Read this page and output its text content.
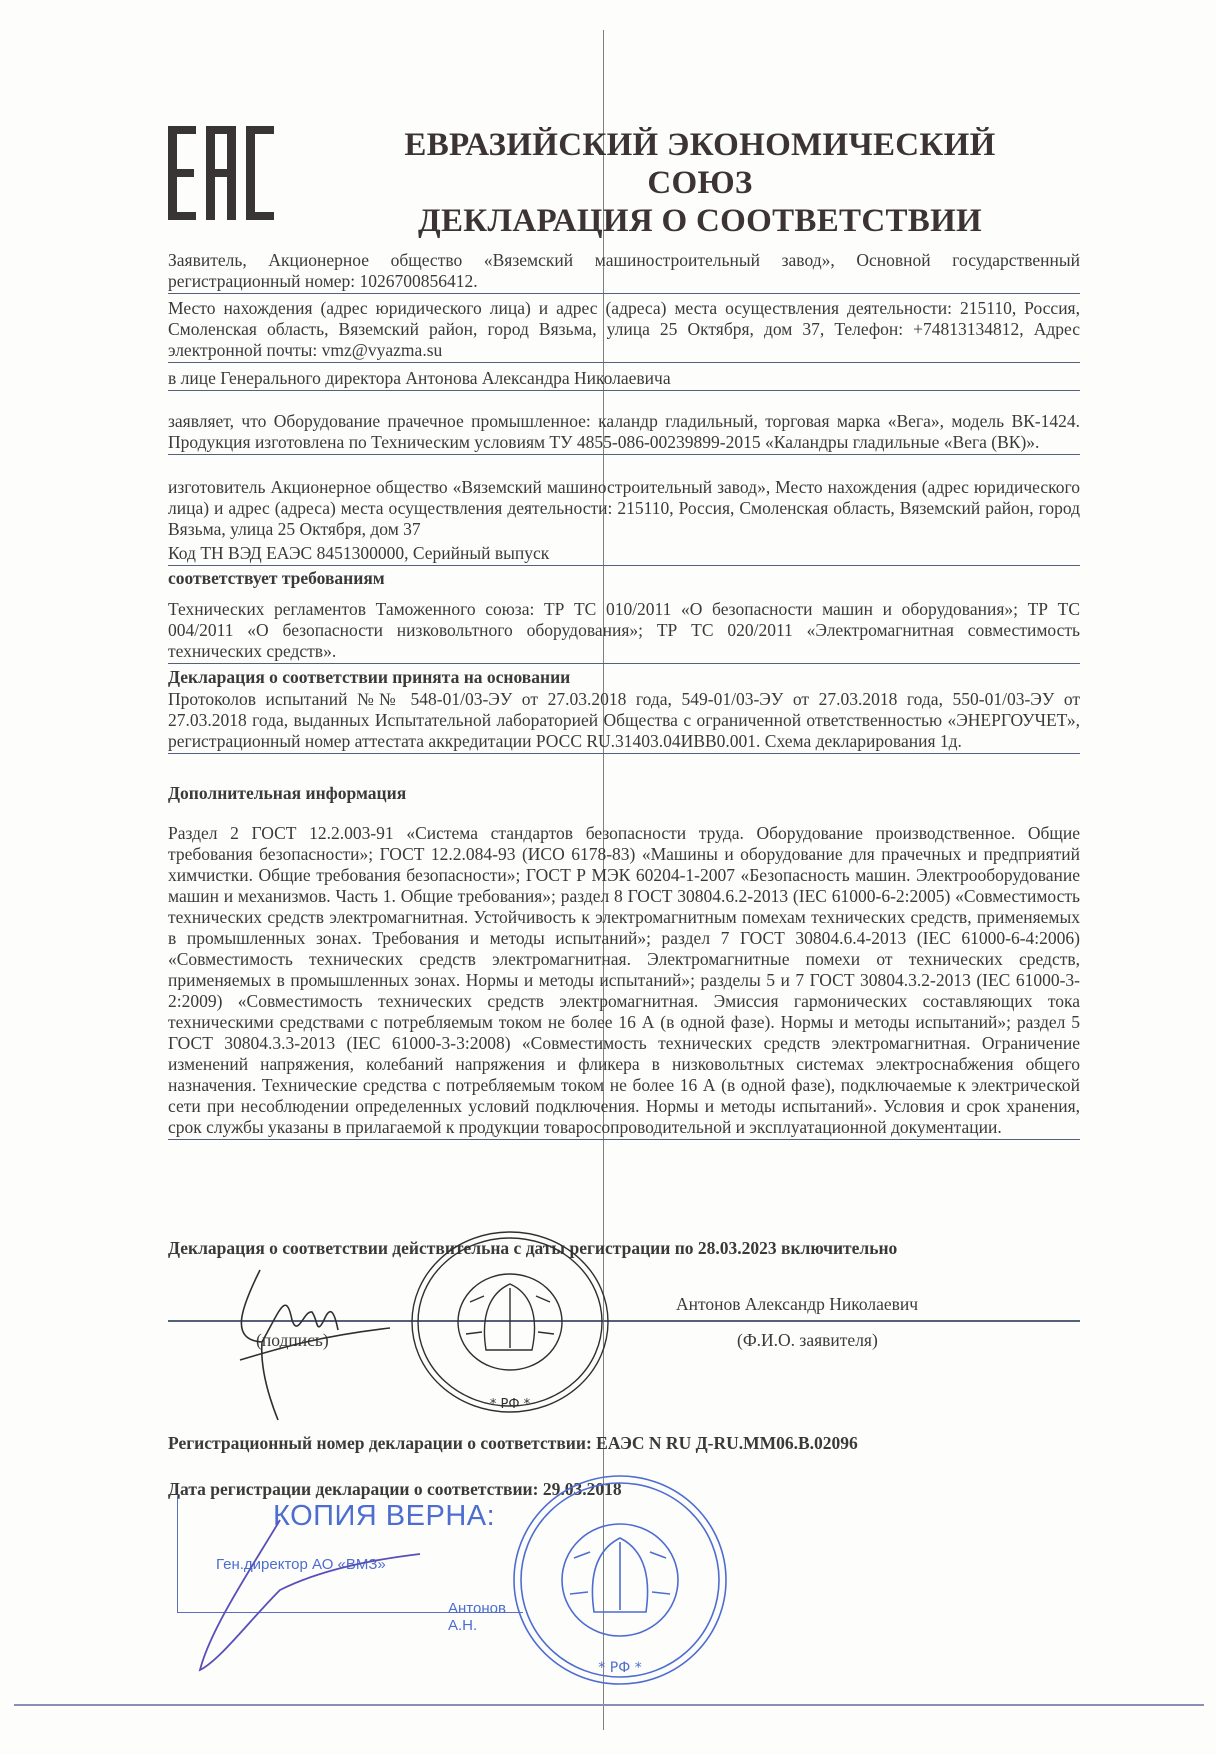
ЕВРАЗИЙСКИЙ ЭКОНОМИЧЕСКИЙ СОЮЗ
ДЕКЛАРАЦИЯ О СООТВЕТСТВИИ
Заявитель, Акционерное общество «Вяземский машиностроительный завод», Основной государственный регистрационный номер: 1026700856412.
Место нахождения (адрес юридического лица) и адрес (адреса) места осуществления деятельности: 215110, Россия, Смоленская область, Вяземский район, город Вязьма, улица 25 Октября, дом 37, Телефон: +74813134812, Адрес электронной почты: vmz@vyazma.su
в лице Генерального директора Антонова Александра Николаевича
заявляет, что Оборудование прачечное промышленное: каландр гладильный, торговая марка «Вега», модель ВК-1424. Продукция изготовлена по Техническим условиям ТУ 4855-086-00239899-2015 «Каландры гладильные «Вега (ВК)».
изготовитель Акционерное общество «Вяземский машиностроительный завод», Место нахождения (адрес юридического лица) и адрес (адреса) места осуществления деятельности: 215110, Россия, Смоленская область, Вяземский район, город Вязьма, улица 25 Октября, дом 37
Код ТН ВЭД ЕАЭС 8451300000, Серийный выпуск
соответствует требованиям
Технических регламентов Таможенного союза: ТР ТС 010/2011 «О безопасности машин и оборудования»; ТР ТС 004/2011 «О безопасности низковольтного оборудования»; ТР ТС 020/2011 «Электромагнитная совместимость технических средств».
Декларация о соответствии принята на основании
Протоколов испытаний №№ 548-01/03-ЭУ от 27.03.2018 года, 549-01/03-ЭУ от 27.03.2018 года, 550-01/03-ЭУ от 27.03.2018 года, выданных Испытательной лабораторией Общества с ограниченной ответственностью «ЭНЕРГОУЧЕТ», регистрационный номер аттестата аккредитации РОСС RU.31403.04ИВВ0.001. Схема декларирования 1д.
Дополнительная информация
Раздел 2 ГОСТ 12.2.003-91 «Система стандартов безопасности труда. Оборудование производственное. Общие требования безопасности»; ГОСТ 12.2.084-93 (ИСО 6178-83) «Машины и оборудование для прачечных и предприятий химчистки. Общие требования безопасности»; ГОСТ Р МЭК 60204-1-2007 «Безопасность машин. Электрооборудование машин и механизмов. Часть 1. Общие требования»; раздел 8 ГОСТ 30804.6.2-2013 (IEC 61000-6-2:2005) «Совместимость технических средств электромагнитная. Устойчивость к электромагнитным помехам технических средств, применяемых в промышленных зонах. Требования и методы испытаний»; раздел 7 ГОСТ 30804.6.4-2013 (IEC 61000-6-4:2006) «Совместимость технических средств электромагнитная. Электромагнитные помехи от технических средств, применяемых в промышленных зонах. Нормы и методы испытаний»; разделы 5 и 7 ГОСТ 30804.3.2-2013 (IEC 61000-3-2:2009) «Совместимость технических средств электромагнитная. Эмиссия гармонических составляющих тока техническими средствами с потребляемым током не более 16 А (в одной фазе). Нормы и методы испытаний»; раздел 5 ГОСТ 30804.3.3-2013 (IEC 61000-3-3:2008) «Совместимость технических средств электромагнитная. Ограничение изменений напряжения, колебаний напряжения и фликера в низковольтных системах электроснабжения общего назначения. Технические средства с потребляемым током не более 16 А (в одной фазе), подключаемые к электрической сети при несоблюдении определенных условий подключения. Нормы и методы испытаний». Условия и срок хранения, срок службы указаны в прилагаемой к продукции товаросопроводительной и эксплуатационной документации.
Декларация о соответствии действительна с даты регистрации по 28.03.2023 включительно
Антонов Александр Николаевич
(подпись)	(Ф.И.О. заявителя)
* РФ *
Регистрационный номер декларации о соответствии: ЕАЭС N RU Д-RU.ММ06.В.02096
Дата регистрации декларации о соответствии: 29.03.2018
КОПИЯ ВЕРНА:
Ген.директор АО «ВМЗ»
Антонов А.Н.
* РФ *
